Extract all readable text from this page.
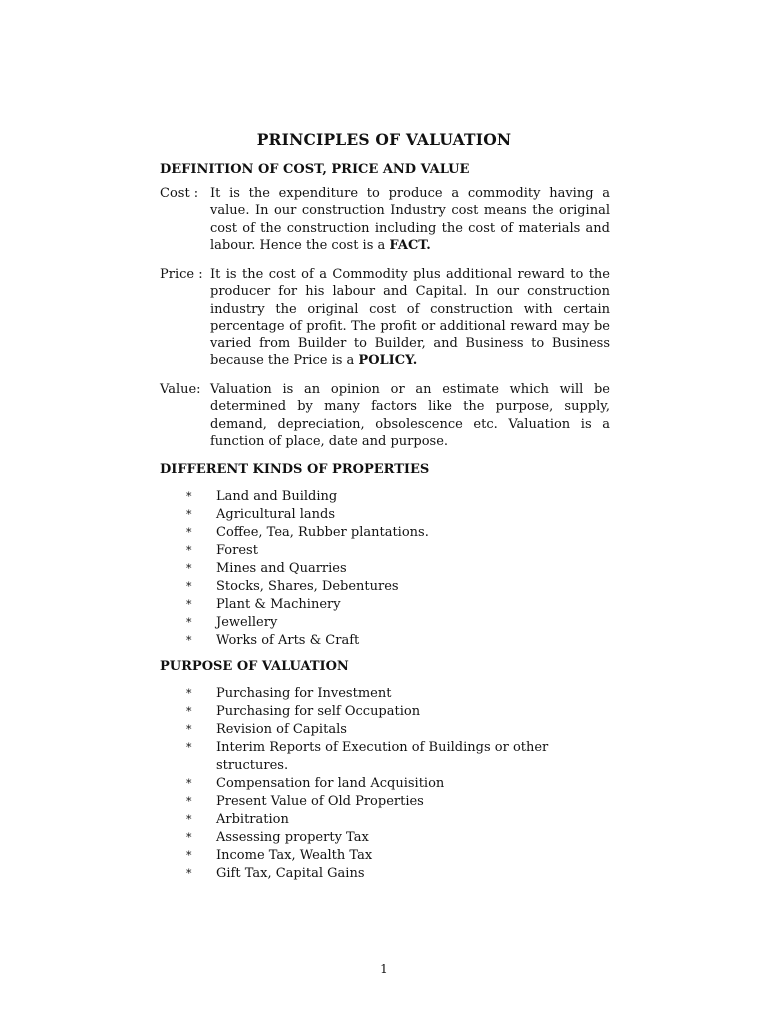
PRINCIPLES OF VALUATION
DEFINITION OF COST, PRICE AND VALUE
Cost : It is the expenditure to produce a commodity having a value. In our construction Industry cost means the original cost of the construction including the cost of materials and labour. Hence the cost is a FACT.
Price : It is the cost of a Commodity plus additional reward to the producer for his labour and Capital. In our construction industry the original cost of construction with certain percentage of profit. The profit or additional reward may be varied from Builder to Builder, and Business to Business because the Price is a POLICY.
Value: Valuation is an opinion or an estimate which will be determined by many factors like the purpose, supply, demand, depreciation, obsolescence etc. Valuation is a function of place, date and purpose.
DIFFERENT KINDS OF PROPERTIES
* Land and Building
* Agricultural lands
* Coffee, Tea, Rubber plantations.
* Forest
* Mines and Quarries
* Stocks, Shares, Debentures
* Plant & Machinery
* Jewellery
* Works of Arts & Craft
PURPOSE OF VALUATION
* Purchasing for Investment
* Purchasing for self Occupation
* Revision of Capitals
* Interim Reports of Execution of Buildings or other structures.
* Compensation for land Acquisition
* Present Value of Old Properties
* Arbitration
* Assessing property Tax
* Income Tax, Wealth Tax
* Gift Tax, Capital Gains
1
